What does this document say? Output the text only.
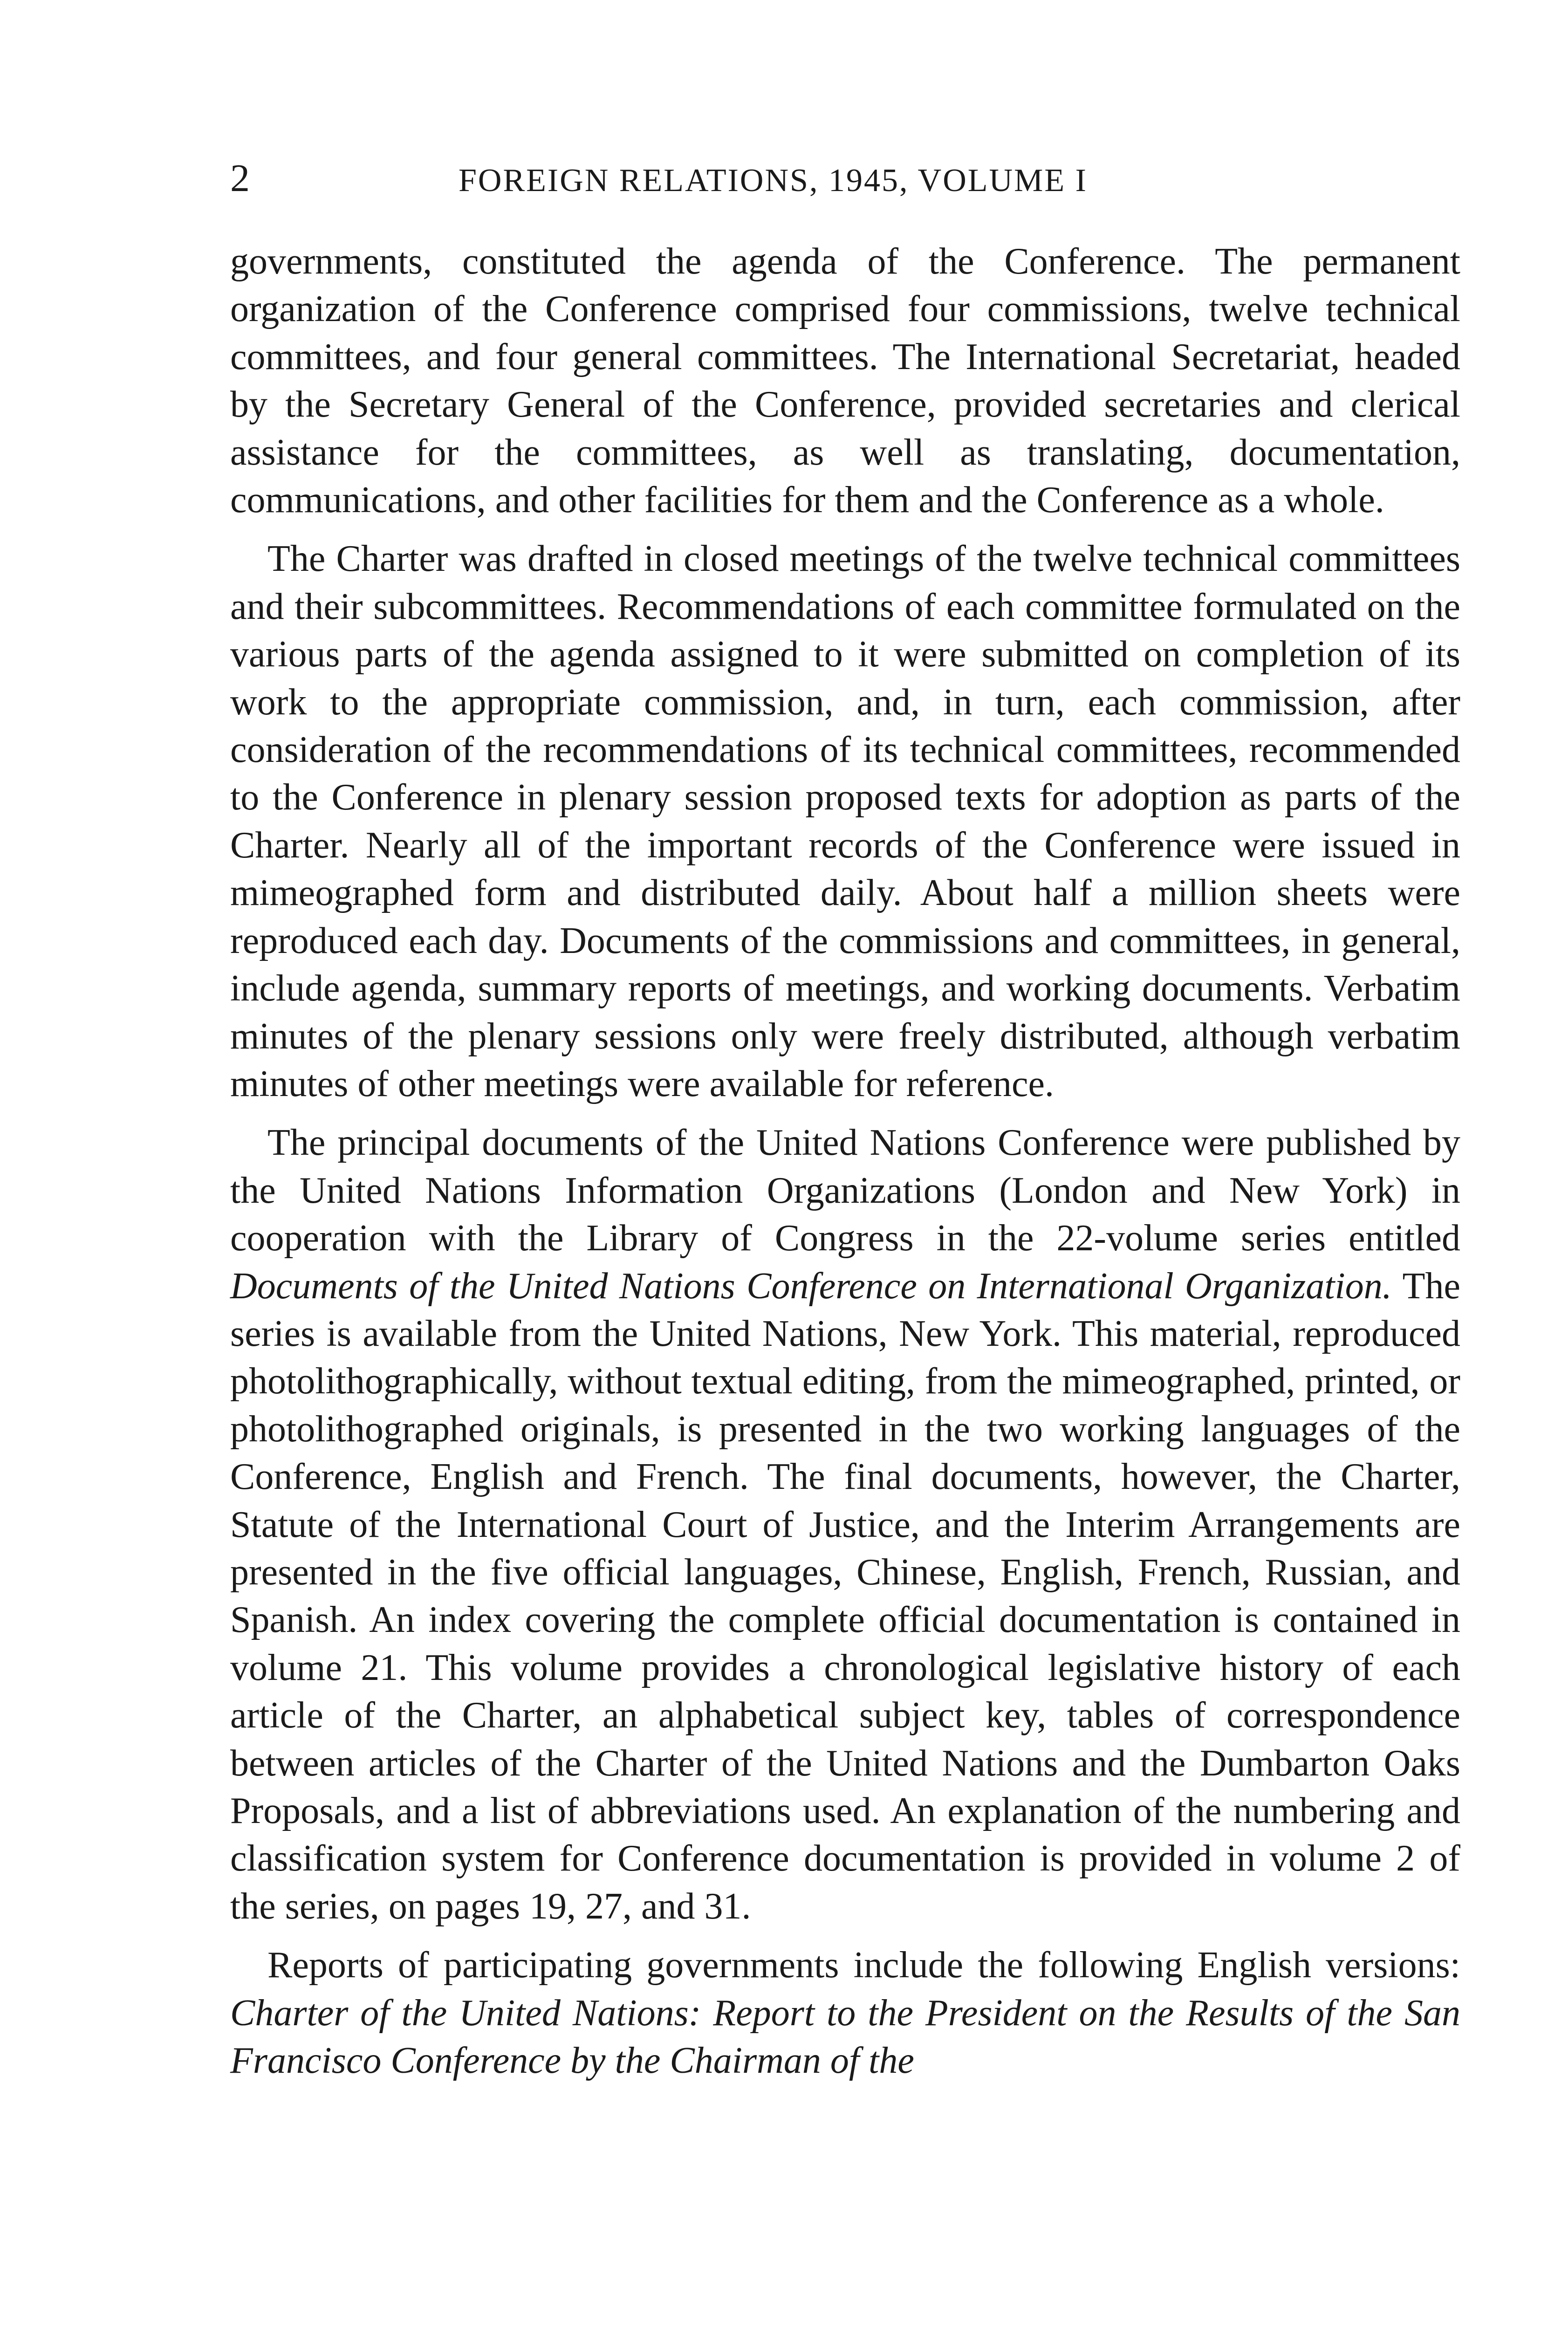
2	FOREIGN RELATIONS, 1945, VOLUME I

governments, constituted the agenda of the Conference. The permanent organization of the Conference comprised four commissions, twelve technical committees, and four general committees. The International Secretariat, headed by the Secretary General of the Conference, provided secretaries and clerical assistance for the committees, as well as translating, documentation, communications, and other facilities for them and the Conference as a whole.

The Charter was drafted in closed meetings of the twelve technical committees and their subcommittees. Recommendations of each committee formulated on the various parts of the agenda assigned to it were submitted on completion of its work to the appropriate commission, and, in turn, each commission, after consideration of the recommendations of its technical committees, recommended to the Conference in plenary session proposed texts for adoption as parts of the Charter. Nearly all of the important records of the Conference were issued in mimeographed form and distributed daily. About half a million sheets were reproduced each day. Documents of the commissions and committees, in general, include agenda, summary reports of meetings, and working documents. Verbatim minutes of the plenary sessions only were freely distributed, although verbatim minutes of other meetings were available for reference.

The principal documents of the United Nations Conference were published by the United Nations Information Organizations (London and New York) in cooperation with the Library of Congress in the 22-volume series entitled Documents of the United Nations Conference on International Organization. The series is available from the United Nations, New York. This material, reproduced photolithographically, without textual editing, from the mimeographed, printed, or photolithographed originals, is presented in the two working languages of the Conference, English and French. The final documents, however, the Charter, Statute of the International Court of Justice, and the Interim Arrangements are presented in the five official languages, Chinese, English, French, Russian, and Spanish. An index covering the complete official documentation is contained in volume 21. This volume provides a chronological legislative history of each article of the Charter, an alphabetical subject key, tables of correspondence between articles of the Charter of the United Nations and the Dumbarton Oaks Proposals, and a list of abbreviations used. An explanation of the numbering and classification system for Conference documentation is provided in volume 2 of the series, on pages 19, 27, and 31.

Reports of participating governments include the following English versions: Charter of the United Nations: Report to the President on the Results of the San Francisco Conference by the Chairman of the
